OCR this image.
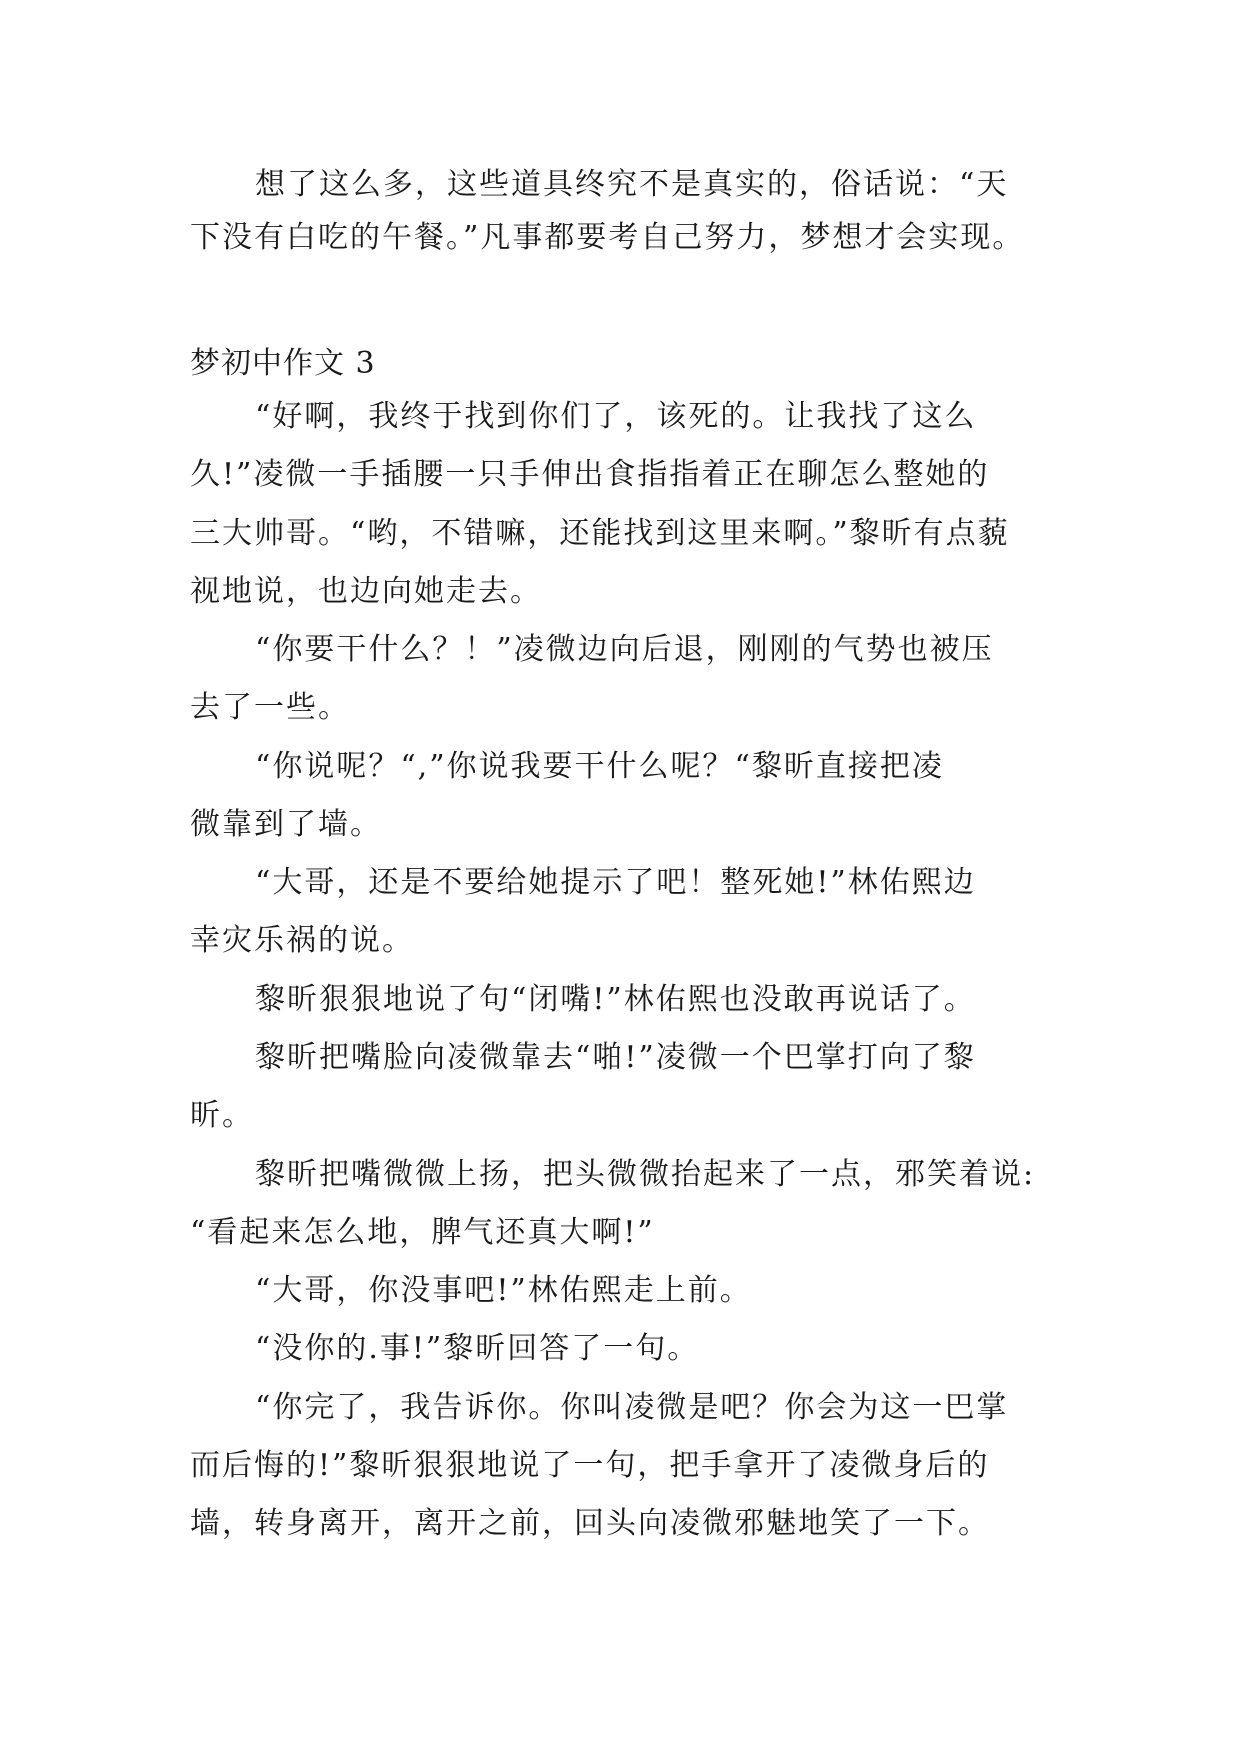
想了这么多，这些道具终究不是真实的，俗话说：“天
下没有白吃的午餐。”凡事都要考自己努力，梦想才会实现。
梦初中作文 3
“好啊，我终于找到你们了，该死的。让我找了这么
久!”凌微一手插腰一只手伸出食指指着正在聊怎么整她的
三大帅哥。“哟，不错嘛，还能找到这里来啊。”黎昕有点藐
视地说，也边向她走去。
“你要干什么？！”凌微边向后退，刚刚的气势也被压
去了一些。
“你说呢？“,”你说我要干什么呢？“黎昕直接把凌
微靠到了墙。
“大哥，还是不要给她提示了吧！整死她!”林佑熙边
幸灾乐祸的说。
黎昕狠狠地说了句“闭嘴!”林佑熙也没敢再说话了。
黎昕把嘴脸向凌微靠去“啪!”凌微一个巴掌打向了黎
昕。
黎昕把嘴微微上扬，把头微微抬起来了一点，邪笑着说:
“看起来怎么地，脾气还真大啊!”
“大哥，你没事吧!”林佑熙走上前。
“没你的.事!”黎昕回答了一句。
“你完了，我告诉你。你叫凌微是吧？你会为这一巴掌
而后悔的!”黎昕狠狠地说了一句，把手拿开了凌微身后的
墙，转身离开，离开之前，回头向凌微邪魅地笑了一下。
